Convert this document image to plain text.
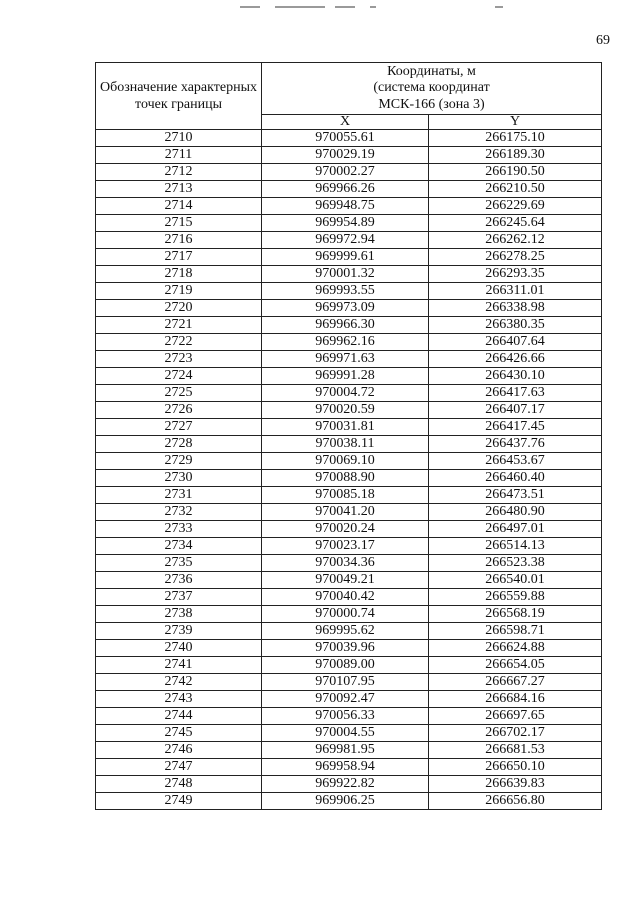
69
Обозначение характерных точек границы	Координаты, м
(система координат
МСК-166 (зона 3)	

	X	Y
2710	970055.61	266175.10
2711	970029.19	266189.30
2712	970002.27	266190.50
2713	969966.26	266210.50
2714	969948.75	266229.69
2715	969954.89	266245.64
2716	969972.94	266262.12
2717	969999.61	266278.25
2718	970001.32	266293.35
2719	969993.55	266311.01
2720	969973.09	266338.98
2721	969966.30	266380.35
2722	969962.16	266407.64
2723	969971.63	266426.66
2724	969991.28	266430.10
2725	970004.72	266417.63
2726	970020.59	266407.17
2727	970031.81	266417.45
2728	970038.11	266437.76
2729	970069.10	266453.67
2730	970088.90	266460.40
2731	970085.18	266473.51
2732	970041.20	266480.90
2733	970020.24	266497.01
2734	970023.17	266514.13
2735	970034.36	266523.38
2736	970049.21	266540.01
2737	970040.42	266559.88
2738	970000.74	266568.19
2739	969995.62	266598.71
2740	970039.96	266624.88
2741	970089.00	266654.05
2742	970107.95	266667.27
2743	970092.47	266684.16
2744	970056.33	266697.65
2745	970004.55	266702.17
2746	969981.95	266681.53
2747	969958.94	266650.10
2748	969922.82	266639.83
2749	969906.25	266656.80
